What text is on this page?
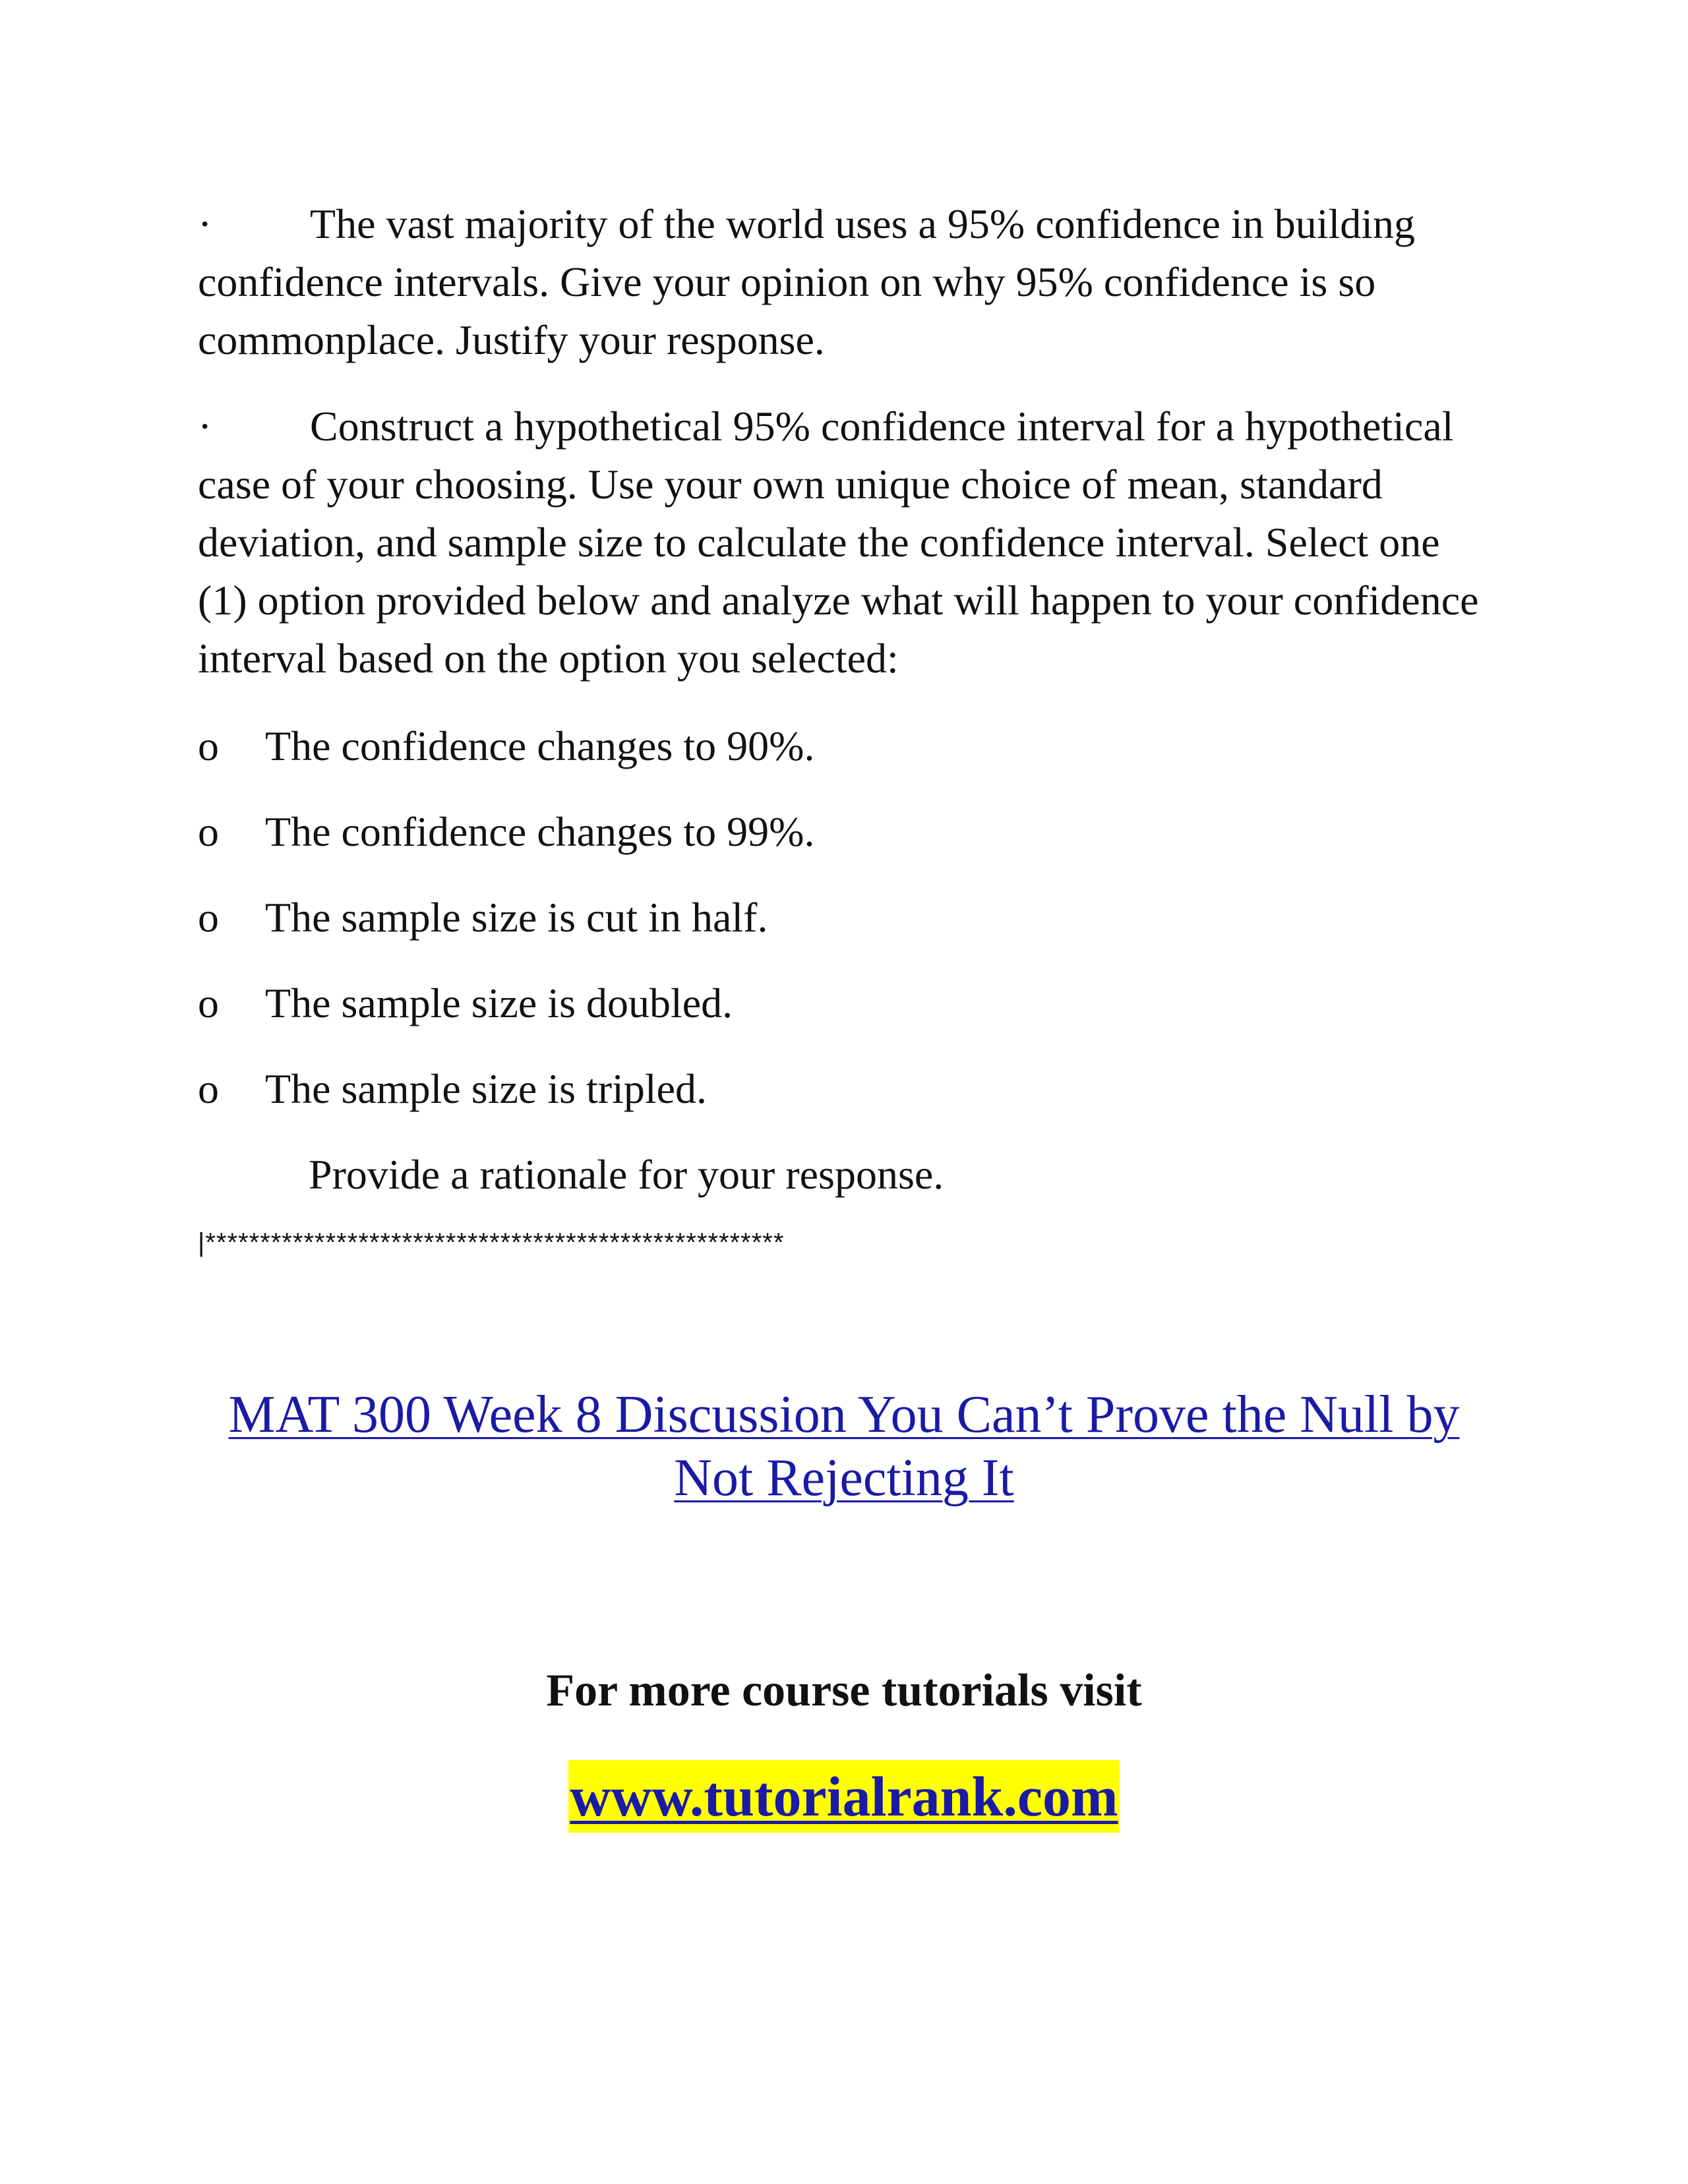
· The vast majority of the world uses a 95% confidence in building confidence intervals. Give your opinion on why 95% confidence is so commonplace. Justify your response.

· Construct a hypothetical 95% confidence interval for a hypothetical case of your choosing. Use your own unique choice of mean, standard deviation, and sample size to calculate the confidence interval. Select one (1) option provided below and analyze what will happen to your confidence interval based on the option you selected:

o The confidence changes to 90%.

o The confidence changes to 99%.

o The sample size is cut in half.

o The sample size is doubled.

o The sample size is tripled.

Provide a rationale for your response.

|*****************************************************

MAT 300 Week 8 Discussion You Can’t Prove the Null by Not Rejecting It

For more course tutorials visit

www.tutorialrank.com
